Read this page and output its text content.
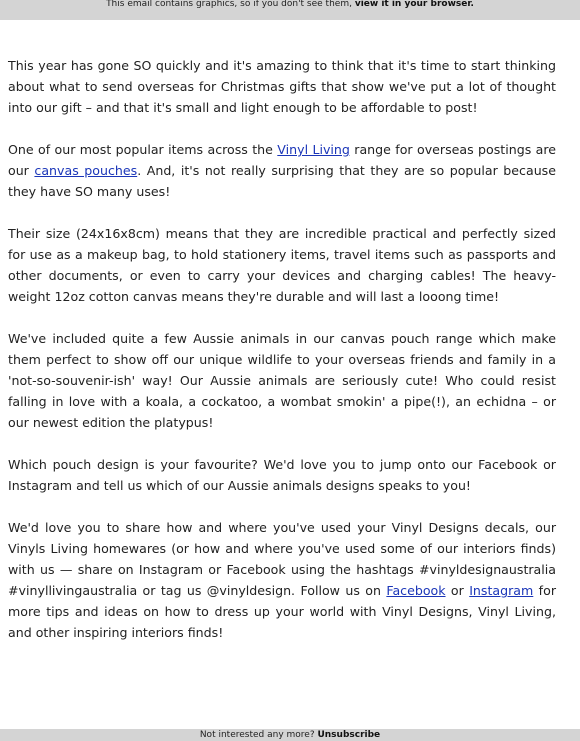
This email contains graphics, so if you don't see them, view it in your browser.

This year has gone SO quickly and it's amazing to think that it's time to start thinking about what to send overseas for Christmas gifts that show we've put a lot of thought into our gift – and that it's small and light enough to be affordable to post!

One of our most popular items across the Vinyl Living range for overseas postings are our canvas pouches. And, it's not really surprising that they are so popular because they have SO many uses!

Their size (24x16x8cm) means that they are incredible practical and perfectly sized for use as a makeup bag, to hold stationery items, travel items such as passports and other documents, or even to carry your devices and charging cables! The heavy-weight 12oz cotton canvas means they're durable and will last a looong time!

We've included quite a few Aussie animals in our canvas pouch range which make them perfect to show off our unique wildlife to your overseas friends and family in a 'not-so-souvenir-ish' way! Our Aussie animals are seriously cute! Who could resist falling in love with a koala, a cockatoo, a wombat smokin' a pipe(!), an echidna – or our newest edition the platypus!

Which pouch design is your favourite? We'd love you to jump onto our Facebook or Instagram and tell us which of our Aussie animals designs speaks to you!

We'd love you to share how and where you've used your Vinyl Designs decals, our Vinyls Living homewares (or how and where you've used some of our interiors finds) with us — share on Instagram or Facebook using the hashtags #vinyldesignaustralia #vinyllivingaustralia or tag us @vinyldesign. Follow us on Facebook or Instagram for more tips and ideas on how to dress up your world with Vinyl Designs, Vinyl Living, and other inspiring interiors finds!

Not interested any more? Unsubscribe
